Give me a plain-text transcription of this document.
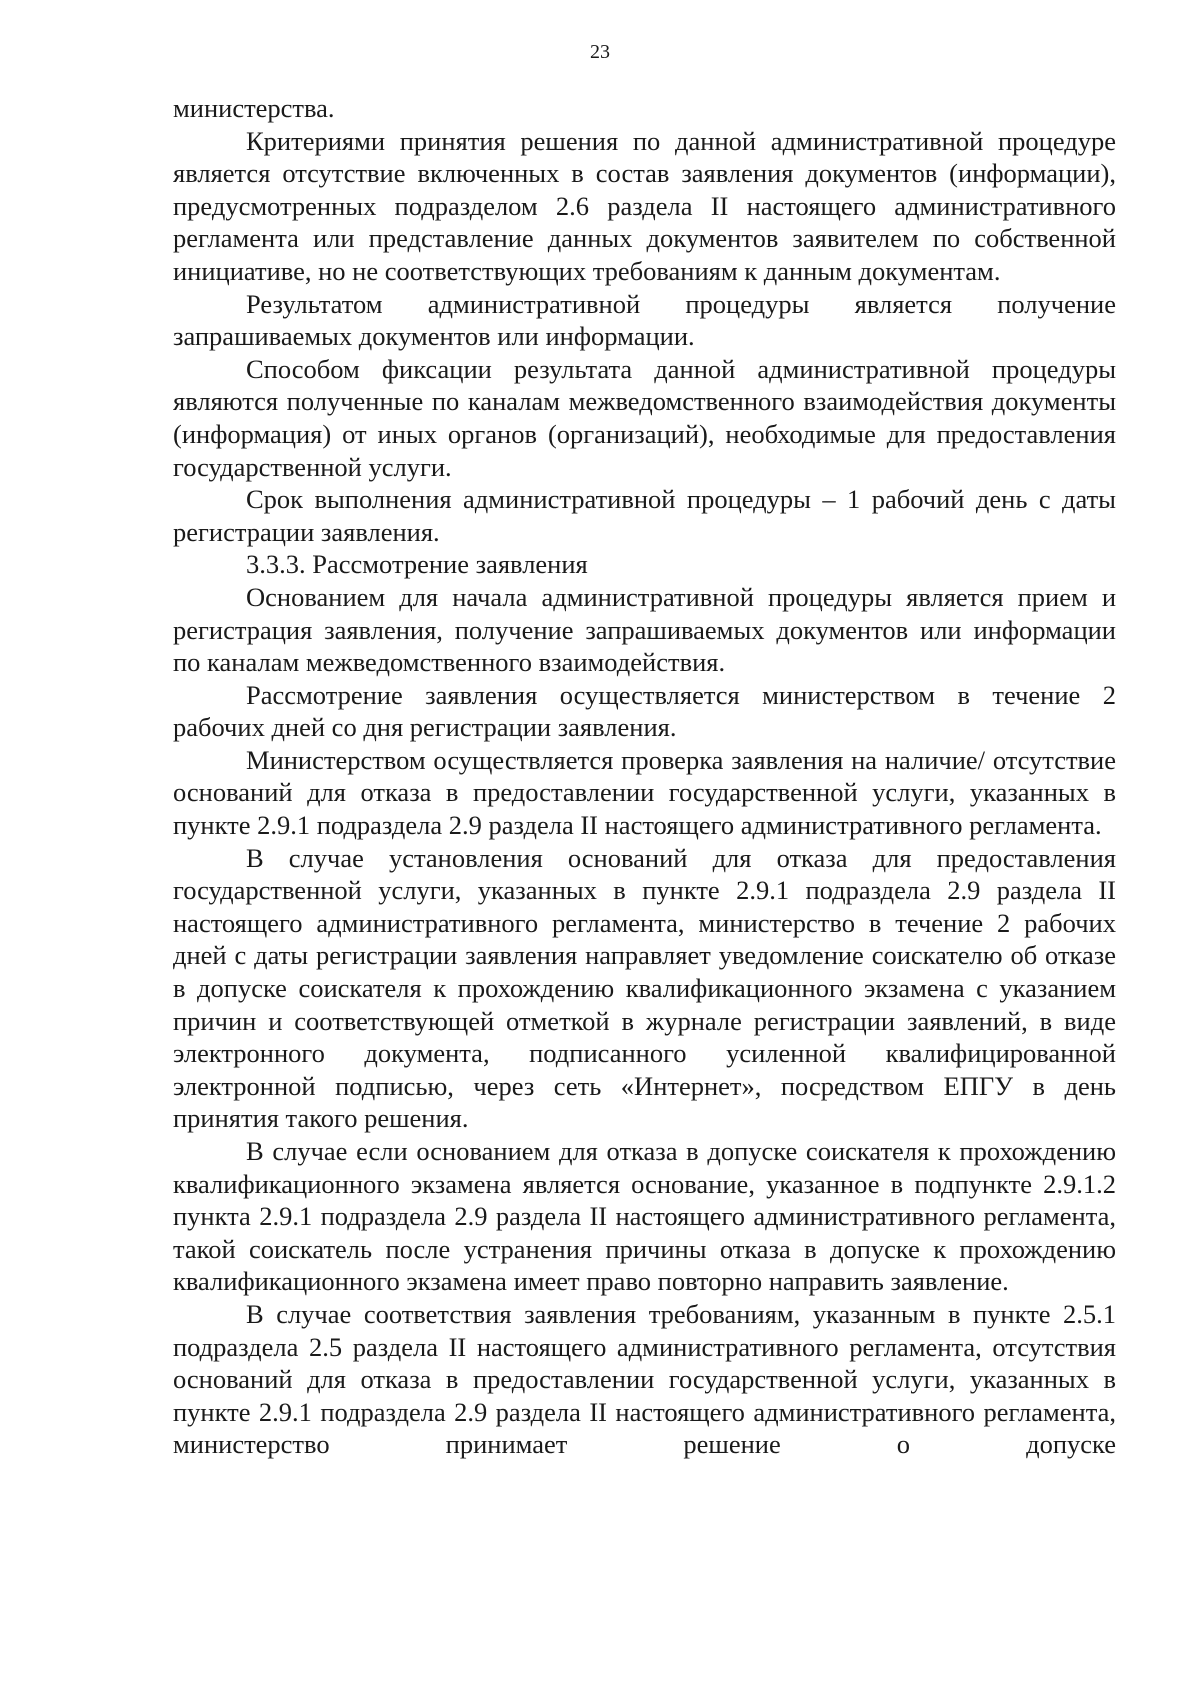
23

министерства.

Критериями принятия решения по данной административной процедуре является отсутствие включенных в состав заявления документов (информации), предусмотренных подразделом 2.6 раздела II настоящего административного регламента или представление данных документов заявителем по собственной инициативе, но не соответствующих требованиям к данным документам.

Результатом административной процедуры является получение запрашиваемых документов или информации.

Способом фиксации результата данной административной процедуры являются полученные по каналам межведомственного взаимодействия документы (информация) от иных органов (организаций), необходимые для предоставления государственной услуги.

Срок выполнения административной процедуры – 1 рабочий день с даты регистрации заявления.

3.3.3. Рассмотрение заявления

Основанием для начала административной процедуры является прием и регистрация заявления, получение запрашиваемых документов или информации по каналам межведомственного взаимодействия.

Рассмотрение заявления осуществляется министерством в течение 2 рабочих дней со дня регистрации заявления.

Министерством осуществляется проверка заявления на наличие/ отсутствие оснований для отказа в предоставлении государственной услуги, указанных в пункте 2.9.1 подраздела 2.9 раздела II настоящего административного регламента.

В случае установления оснований для отказа для предоставления государственной услуги, указанных в пункте 2.9.1 подраздела 2.9 раздела II настоящего административного регламента, министерство в течение 2 рабочих дней с даты регистрации заявления направляет уведомление соискателю об отказе в допуске соискателя к прохождению квалификационного экзамена с указанием причин и соответствующей отметкой в журнале регистрации заявлений, в виде электронного документа, подписанного усиленной квалифицированной электронной подписью, через сеть «Интернет», посредством ЕПГУ в день принятия такого решения.

В случае если основанием для отказа в допуске соискателя к прохождению квалификационного экзамена является основание, указанное в подпункте 2.9.1.2 пункта 2.9.1 подраздела 2.9 раздела II настоящего административного регламента, такой соискатель после устранения причины отказа в допуске к прохождению квалификационного экзамена имеет право повторно направить заявление.

В случае соответствия заявления требованиям, указанным в пункте 2.5.1 подраздела 2.5 раздела II настоящего административного регламента, отсутствия оснований для отказа в предоставлении государственной услуги, указанных в пункте 2.9.1 подраздела 2.9 раздела II настоящего административного регламента, министерство принимает решение о допуске
